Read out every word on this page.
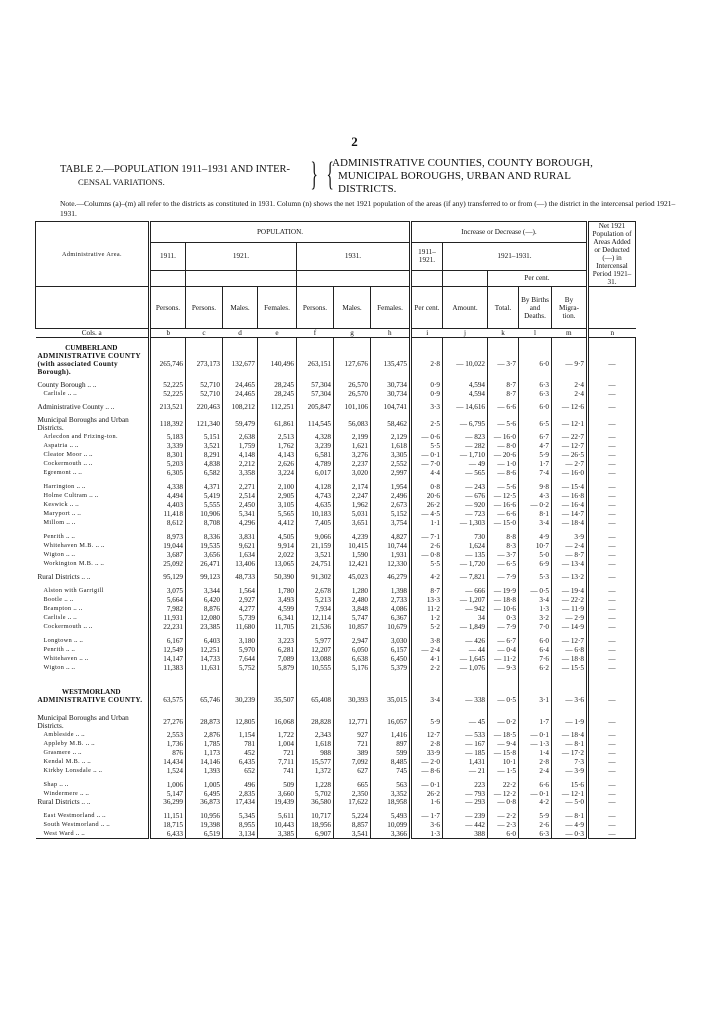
2
TABLE 2.—POPULATION 1911–1931 AND INTER-
CENSAL VARIATIONS.	} {
ADMINISTRATIVE COUNTIES, COUNTY BOROUGH,
MUNICIPAL BOROUGHS, URBAN AND RURAL
DISTRICTS.
Note.—Columns (a)–(m) all refer to the districts as constituted in 1931. Column (n) shows the net 1921 population of the areas (if any) transferred to or from (—) the district in the intercensal period 1921–1931.
Administrative Area.	POPULATION.							Increase or Decrease (—).					Net 1921 Population of Areas Added or Deducted (—) in Intercensal Period 1921–31.
	1911.	1921.			1931.			1911–1921.	1921–1931.				
										Per cent.			
	Persons.	Persons.	Males.	Females.	Persons.	Males.	Females.	Per cent.	Amount.	Total.	By Births and Deaths.	By Migra-tion.	
Cols. a	b	c	d	e	f	g	h	i	j	k	l	m	n
CUMBERLAND													
ADMINISTRATIVE COUNTY (with associated County Borough).	265,746	273,173	132,677	140,496	263,151	127,676	135,475	2·8	— 10,022	— 3·7	6·0	— 9·7	—

County Borough .. ..	52,225	52,710	24,465	28,245	57,304	26,570	30,734	0·9	4,594	8·7	6·3	2·4	—
Carlisle .. ..	52,225	52,710	24,465	28,245	57,304	26,570	30,734	0·9	4,594	8·7	6·3	2·4	—

Administrative County .. ..	213,521	220,463	108,212	112,251	205,847	101,106	104,741	3·3	— 14,616	— 6·6	6·0	— 12·6	—

Municipal Boroughs and Urban Districts.	118,392	121,340	59,479	61,861	114,545	56,083	58,462	2·5	— 6,795	— 5·6	6·5	— 12·1	—
Arlecdon and Frizing-ton.	5,183	5,151	2,638	2,513	4,328	2,199	2,129	— 0·6	— 823	— 16·0	6·7	— 22·7	—
Aspatria .. ..	3,339	3,521	1,759	1,762	3,239	1,621	1,618	5·5	— 282	— 8·0	4·7	— 12·7	—
Cleator Moor .. ..	8,301	8,291	4,148	4,143	6,581	3,276	3,305	— 0·1	— 1,710	— 20·6	5·9	— 26·5	—
Cockermouth .. ..	5,203	4,838	2,212	2,626	4,789	2,237	2,552	— 7·0	— 49	— 1·0	1·7	— 2·7	—
Egremont .. ..	6,305	6,582	3,358	3,224	6,017	3,020	2,997	4·4	— 565	— 8·6	7·4	— 16·0	—

Harrington .. ..	4,338	4,371	2,271	2,100	4,128	2,174	1,954	0·8	— 243	— 5·6	9·8	— 15·4	—
Holme Cultram .. ..	4,494	5,419	2,514	2,905	4,743	2,247	2,496	20·6	— 676	— 12·5	4·3	— 16·8	—
Keswick .. ..	4,403	5,555	2,450	3,105	4,635	1,962	2,673	26·2	— 920	— 16·6	— 0·2	— 16·4	—
Maryport .. ..	11,418	10,906	5,341	5,565	10,183	5,031	5,152	— 4·5	— 723	— 6·6	8·1	— 14·7	—
Millom .. ..	8,612	8,708	4,296	4,412	7,405	3,651	3,754	1·1	— 1,303	— 15·0	3·4	— 18·4	—

Penrith .. ..	8,973	8,336	3,831	4,505	9,066	4,239	4,827	— 7·1	730	8·8	4·9	3·9	—
Whitehaven M.B. .. ..	19,044	19,535	9,621	9,914	21,159	10,415	10,744	2·6	1,624	8·3	10·7	— 2·4	—
Wigton .. ..	3,687	3,656	1,634	2,022	3,521	1,590	1,931	— 0·8	— 135	— 3·7	5·0	— 8·7	—
Workington M.B. .. ..	25,092	26,471	13,406	13,065	24,751	12,421	12,330	5·5	— 1,720	— 6·5	6·9	— 13·4	—

Rural Districts .. ..	95,129	99,123	48,733	50,390	91,302	45,023	46,279	4·2	— 7,821	— 7·9	5·3	— 13·2	—

Alston with Garrigill	3,075	3,344	1,564	1,780	2,678	1,280	1,398	8·7	— 666	— 19·9	— 0·5	— 19·4	—
Bootle .. ..	5,664	6,420	2,927	3,493	5,213	2,480	2,733	13·3	— 1,207	— 18·8	3·4	— 22·2	—
Brampton .. ..	7,982	8,876	4,277	4,599	7,934	3,848	4,086	11·2	— 942	— 10·6	1·3	— 11·9	—
Carlisle .. ..	11,931	12,080	5,739	6,341	12,114	5,747	6,367	1·2	34	0·3	3·2	— 2·9	—
Cockermouth .. ..	22,231	23,385	11,680	11,705	21,536	10,857	10,679	5·2	— 1,849	— 7·9	7·0	— 14·9	—

Longtown .. ..	6,167	6,403	3,180	3,223	5,977	2,947	3,030	3·8	— 426	— 6·7	6·0	— 12·7	—
Penrith .. ..	12,549	12,251	5,970	6,281	12,207	6,050	6,157	— 2·4	— 44	— 0·4	6·4	— 6·8	—
Whitehaven .. ..	14,147	14,733	7,644	7,089	13,088	6,638	6,450	4·1	— 1,645	— 11·2	7·6	— 18·8	—
Wigton .. ..	11,383	11,631	5,752	5,879	10,555	5,176	5,379	2·2	— 1,076	— 9·3	6·2	— 15·5	—

WESTMORLAND													
ADMINISTRATIVE COUNTY.	63,575	65,746	30,239	35,507	65,408	30,393	35,015	3·4	— 338	— 0·5	3·1	— 3·6	—

Municipal Boroughs and Urban Districts.	27,276	28,873	12,805	16,068	28,828	12,771	16,057	5·9	— 45	— 0·2	1·7	— 1·9	—
Ambleside .. ..	2,553	2,876	1,154	1,722	2,343	927	1,416	12·7	— 533	— 18·5	— 0·1	— 18·4	—
Appleby M.B. .. ..	1,736	1,785	781	1,004	1,618	721	897	2·8	— 167	— 9·4	— 1·3	— 8·1	—
Grasmere .. ..	876	1,173	452	721	988	389	599	33·9	— 185	— 15·8	1·4	— 17·2	—
Kendal M.B. .. ..	14,434	14,146	6,435	7,711	15,577	7,092	8,485	— 2·0	1,431	10·1	2·8	7·3	—
Kirkby Lonsdale .. ..	1,524	1,393	652	741	1,372	627	745	— 8·6	— 21	— 1·5	2·4	— 3·9	—

Shap .. ..	1,006	1,005	496	509	1,228	665	563	— 0·1	223	22·2	6·6	15·6	—
Windermere .. ..	5,147	6,495	2,835	3,660	5,702	2,350	3,352	26·2	— 793	— 12·2	— 0·1	— 12·1	—
Rural Districts .. ..	36,299	36,873	17,434	19,439	36,580	17,622	18,958	1·6	— 293	— 0·8	4·2	— 5·0	—

East Westmorland .. ..	11,151	10,956	5,345	5,611	10,717	5,224	5,493	— 1·7	— 239	— 2·2	5·9	— 8·1	—
South Westmorland .. ..	18,715	19,398	8,955	10,443	18,956	8,857	10,099	3·6	— 442	— 2·3	2·6	— 4·9	—
West Ward .. ..	6,433	6,519	3,134	3,385	6,907	3,541	3,366	1·3	388	6·0	6·3	— 0·3	—
